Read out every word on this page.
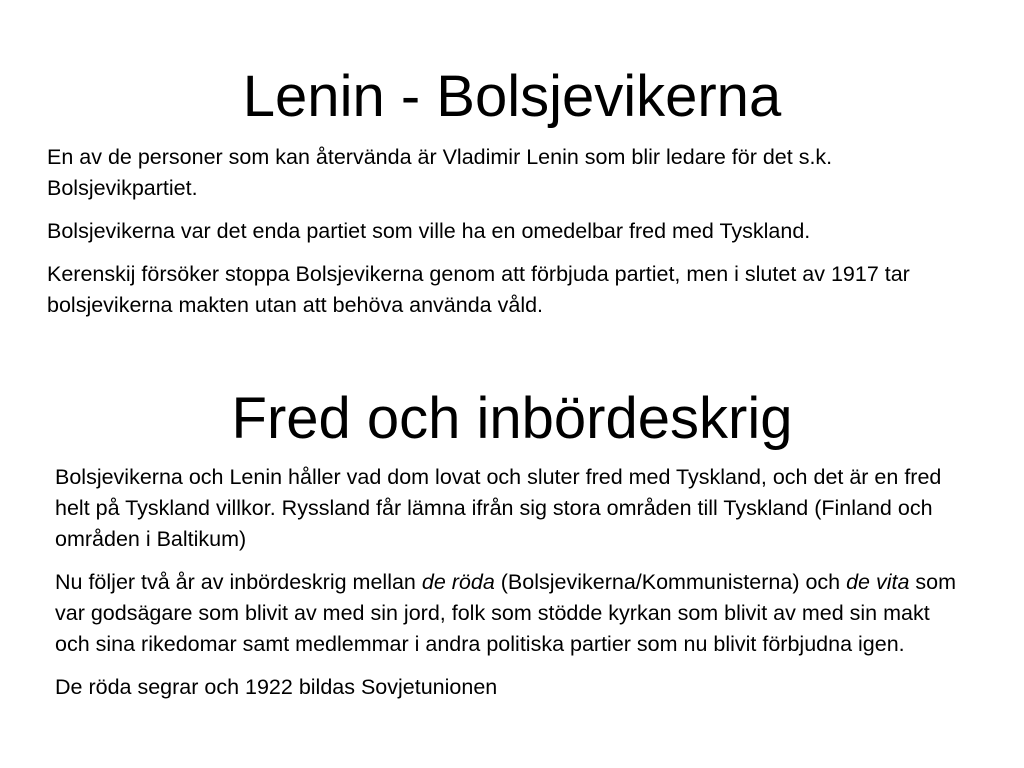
Lenin - Bolsjevikerna

En av de personer som kan återvända är Vladimir Lenin som blir ledare för det s.k. Bolsjevikpartiet.

Bolsjevikerna var det enda partiet som ville ha en omedelbar fred med Tyskland.

Kerenskij försöker stoppa Bolsjevikerna genom att förbjuda partiet, men i slutet av 1917 tar bolsjevikerna makten utan att behöva använda våld.

Fred och inbördeskrig

Bolsjevikerna och Lenin håller vad dom lovat och sluter fred med Tyskland, och det är en fred helt på Tyskland villkor. Ryssland får lämna ifrån sig stora områden till Tyskland (Finland och områden i Baltikum)

Nu följer två år av inbördeskrig mellan de röda (Bolsjevikerna/Kommunisterna) och de vita som var godsägare som blivit av med sin jord, folk som stödde kyrkan som blivit av med sin makt och sina rikedomar samt medlemmar i andra politiska partier som nu blivit förbjudna igen.

De röda segrar och 1922 bildas Sovjetunionen
